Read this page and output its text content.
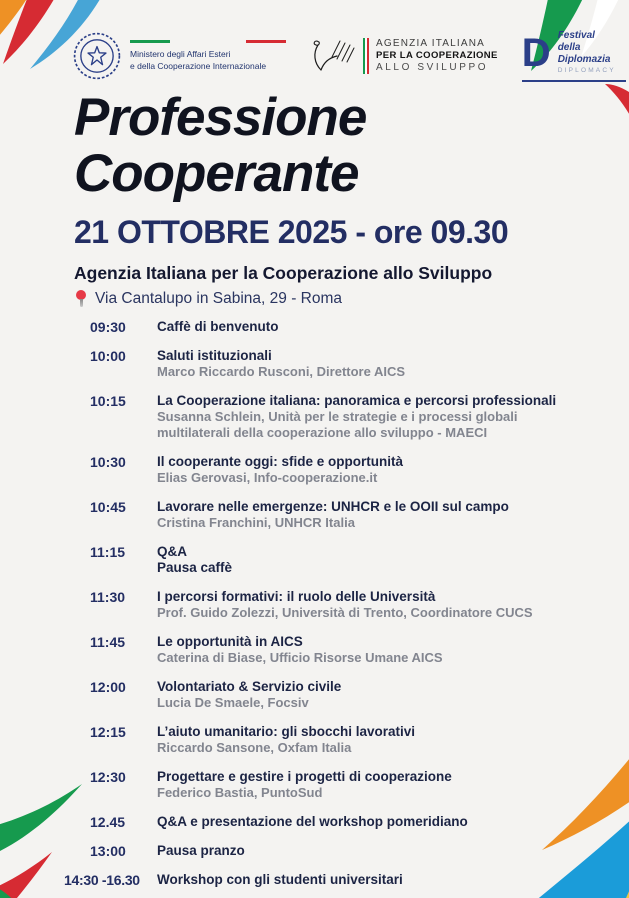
Ministero degli Affari Esteri
e della Cooperazione Internazionale
AGENZIA ITALIANA
PER LA COOPERAZIONE
ALLO SVILUPPO D Festival
della
Diplomazia
DIPLOMACY
Professione
Cooperante
21 OTTOBRE 2025 - ore 09.30
Agenzia Italiana per la Cooperazione allo Sviluppo
Via Cantalupo in Sabina, 29 - Roma
09:30	Caffè di benvenuto
10:00	Saluti istituzionali
Marco Riccardo Rusconi, Direttore AICS
10:15	La Cooperazione italiana: panoramica e percorsi professionali
Susanna Schlein, Unità per le strategie e i processi globali
multilaterali della cooperazione allo sviluppo - MAECI
10:30	Il cooperante oggi: sfide e opportunità
Elias Gerovasi, Info-cooperazione.it
10:45	Lavorare nelle emergenze: UNHCR e le OOII sul campo
Cristina Franchini, UNHCR Italia
11:15	Q&A
Pausa caffè
11:30	I percorsi formativi: il ruolo delle Università
Prof. Guido Zolezzi, Università di Trento, Coordinatore CUCS
11:45	Le opportunità in AICS
Caterina di Biase, Ufficio Risorse Umane AICS
12:00	Volontariato & Servizio civile
Lucia De Smaele, Focsiv
12:15	L’aiuto umanitario: gli sbocchi lavorativi
Riccardo Sansone, Oxfam Italia
12:30	Progettare e gestire i progetti di cooperazione
Federico Bastia, PuntoSud
12.45	Q&A e presentazione del workshop pomeridiano
13:00	Pausa pranzo
14:30 -16.30	Workshop con gli studenti universitari
